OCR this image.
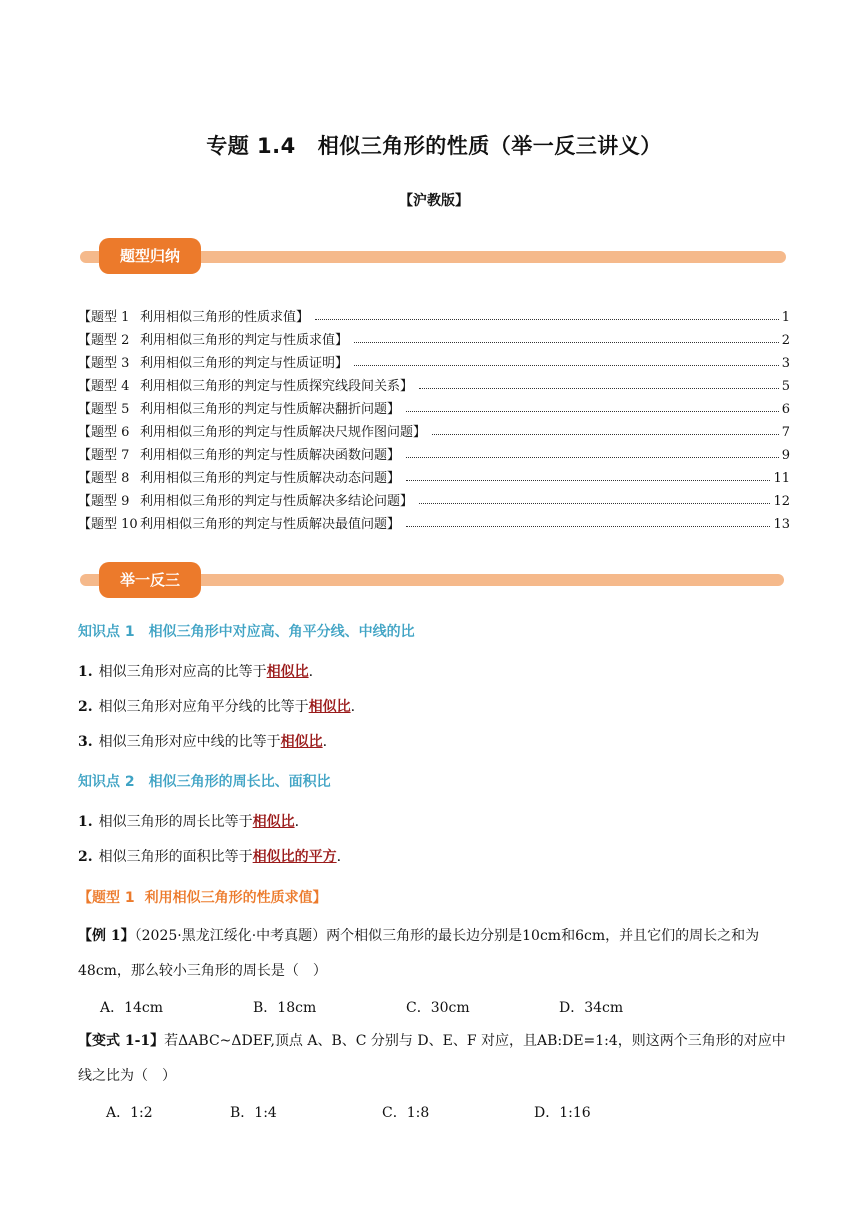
专题 1.4 相似三角形的性质（举一反三讲义）
【沪教版】
题型归纳
【题型 1 利用相似三角形的性质求值】	1
【题型 2 利用相似三角形的判定与性质求值】	2
【题型 3 利用相似三角形的判定与性质证明】	3
【题型 4 利用相似三角形的判定与性质探究线段间关系】	5
【题型 5 利用相似三角形的判定与性质解决翻折问题】	6
【题型 6 利用相似三角形的判定与性质解决尺规作图问题】	7
【题型 7 利用相似三角形的判定与性质解决函数问题】	9
【题型 8 利用相似三角形的判定与性质解决动态问题】	11
【题型 9 利用相似三角形的判定与性质解决多结论问题】	12
【题型 10 利用相似三角形的判定与性质解决最值问题】	13
举一反三
知识点 1 相似三角形中对应高、角平分线、中线的比
1. 相似三角形对应高的比等于相似比.
2. 相似三角形对应角平分线的比等于相似比.
3. 相似三角形对应中线的比等于相似比.
知识点 2 相似三角形的周长比、面积比
1. 相似三角形的周长比等于相似比.
2. 相似三角形的面积比等于相似比的平方.
【题型 1 利用相似三角形的性质求值】
【例 1】（2025·黑龙江绥化·中考真题）两个相似三角形的最长边分别是10cm和6cm，并且它们的周长之和为48cm，那么较小三角形的周长是（　）
A．14cm	B．18cm	C．30cm	D．34cm
【变式 1-1】若ΔABC~ΔDEF,顶点 A、B、C 分别与 D、E、F 对应，且AB:DE=1:4，则这两个三角形的对应中线之比为（　）
A．1:2	B．1:4	C．1:8	D．1:16
